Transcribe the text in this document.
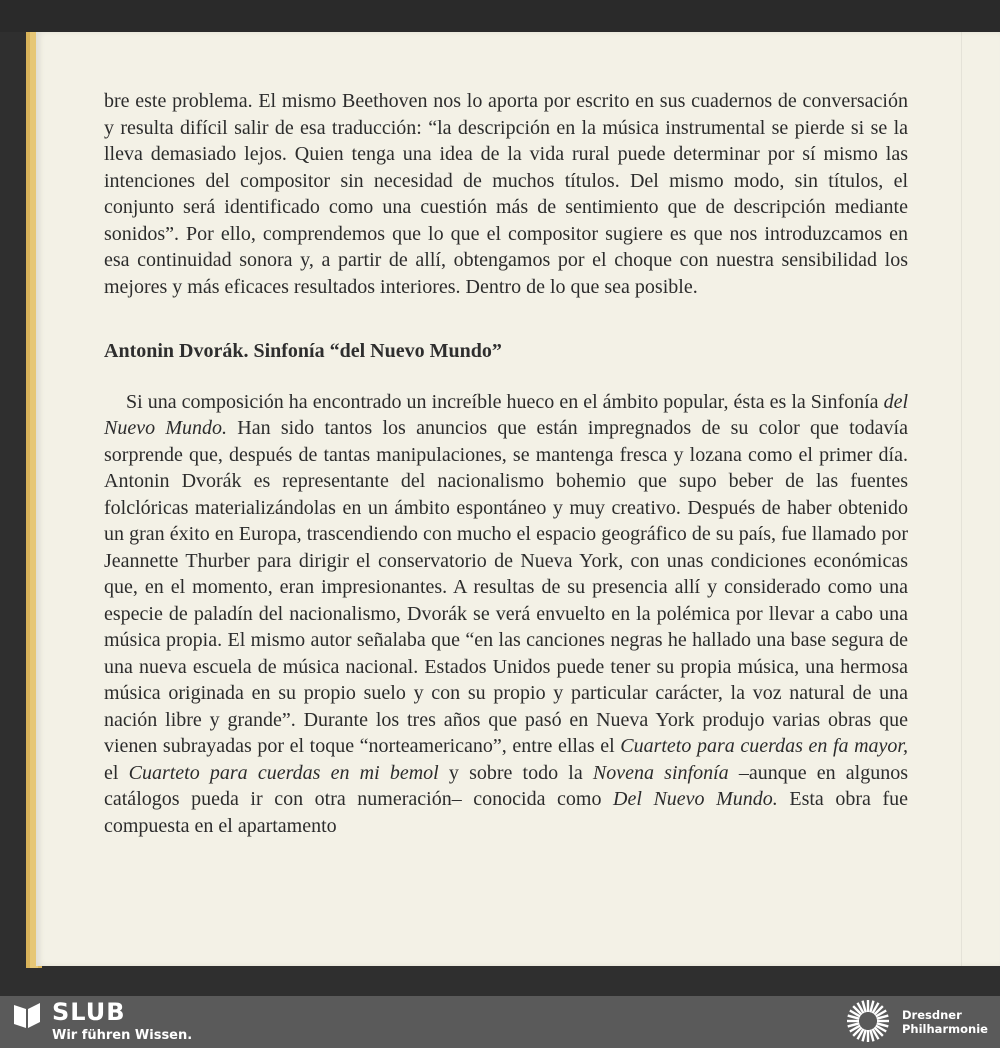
bre este problema. El mismo Beethoven nos lo aporta por escrito en sus cuadernos de conversación y resulta difícil salir de esa traducción: “la descripción en la música instrumental se pierde si se la lleva demasiado lejos. Quien tenga una idea de la vida rural puede determinar por sí mismo las intenciones del compositor sin necesidad de muchos títulos. Del mismo modo, sin títulos, el conjunto será identificado como una cuestión más de sentimiento que de descripción mediante sonidos”. Por ello, comprendemos que lo que el compositor sugiere es que nos introduzcamos en esa continuidad sonora y, a partir de allí, obtengamos por el choque con nuestra sensibilidad los mejores y más eficaces resultados interiores. Dentro de lo que sea posible.

Antonin Dvorák. Sinfonía “del Nuevo Mundo”

Si una composición ha encontrado un increíble hueco en el ámbito popular, ésta es la Sinfonía del Nuevo Mundo. Han sido tantos los anuncios que están impregnados de su color que todavía sorprende que, después de tantas manipulaciones, se mantenga fresca y lozana como el primer día. Antonin Dvorák es representante del nacionalismo bohemio que supo beber de las fuentes folclóricas materializándolas en un ámbito espontáneo y muy creativo. Después de haber obtenido un gran éxito en Europa, trascendiendo con mucho el espacio geográfico de su país, fue llamado por Jeannette Thurber para dirigir el conservatorio de Nueva York, con unas condiciones económicas que, en el momento, eran impresionantes. A resultas de su presencia allí y considerado como una especie de paladín del nacionalismo, Dvorák se verá envuelto en la polémica por llevar a cabo una música propia. El mismo autor señalaba que “en las canciones negras he hallado una base segura de una nueva escuela de música nacional. Estados Unidos puede tener su propia música, una hermosa música originada en su propio suelo y con su propio y particular carácter, la voz natural de una nación libre y grande”. Durante los tres años que pasó en Nueva York produjo varias obras que vienen subrayadas por el toque “norteamericano”, entre ellas el Cuarteto para cuerdas en fa mayor, el Cuarteto para cuerdas en mi bemol y sobre todo la Novena sinfonía –aunque en algunos catálogos pueda ir con otra numeración– conocida como Del Nuevo Mundo. Esta obra fue compuesta en el apartamento

SLUB
Wir führen Wissen.
Dresdner
Philharmonie
